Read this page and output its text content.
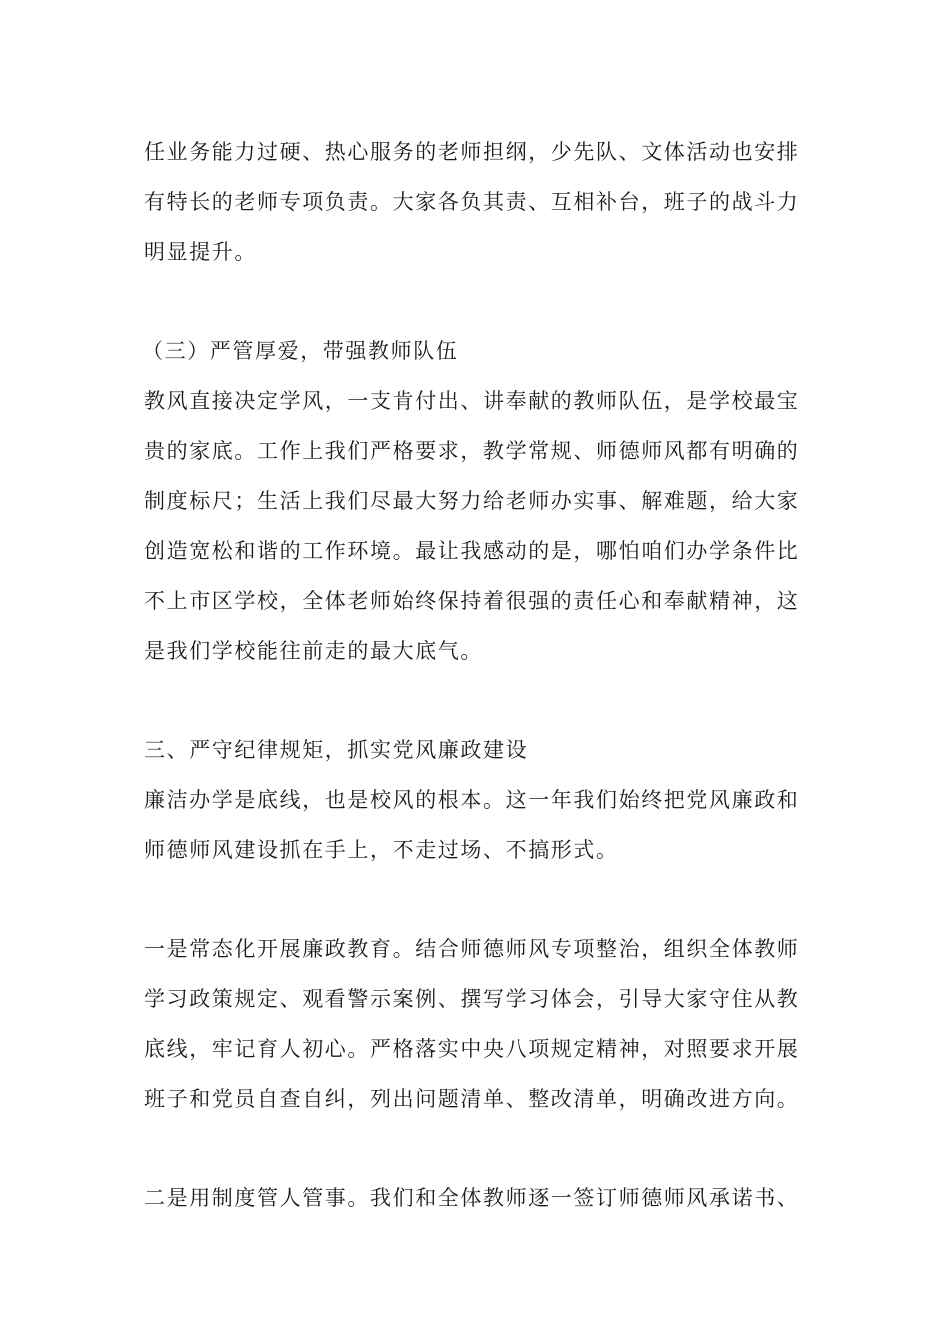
任业务能力过硬、热心服务的老师担纲，少先队、文体活动也安排
有特长的老师专项负责。大家各负其责、互相补台，班子的战斗力
明显提升。
（三）严管厚爱，带强教师队伍
教风直接决定学风，一支肯付出、讲奉献的教师队伍，是学校最宝
贵的家底。工作上我们严格要求，教学常规、师德师风都有明确的
制度标尺；生活上我们尽最大努力给老师办实事、解难题，给大家
创造宽松和谐的工作环境。最让我感动的是，哪怕咱们办学条件比
不上市区学校，全体老师始终保持着很强的责任心和奉献精神，这
是我们学校能往前走的最大底气。
三、严守纪律规矩，抓实党风廉政建设
廉洁办学是底线，也是校风的根本。这一年我们始终把党风廉政和
师德师风建设抓在手上，不走过场、不搞形式。
一是常态化开展廉政教育。结合师德师风专项整治，组织全体教师
学习政策规定、观看警示案例、撰写学习体会，引导大家守住从教
底线，牢记育人初心。严格落实中央八项规定精神，对照要求开展
班子和党员自查自纠，列出问题清单、整改清单，明确改进方向。
二是用制度管人管事。我们和全体教师逐一签订师德师风承诺书、
